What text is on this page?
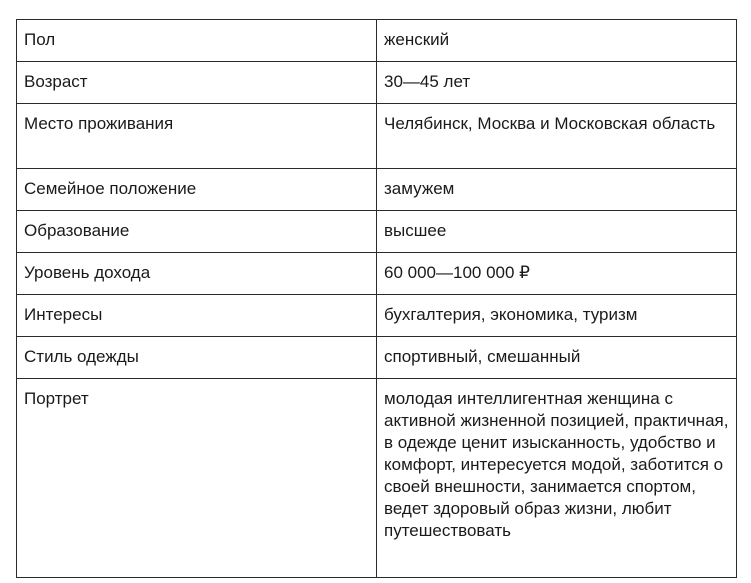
Пол	женский
Возраст	30—45 лет
Место проживания	Челябинск, Москва и Московская область
Семейное положение	замужем
Образование	высшее
Уровень дохода	60 000—100 000 ₽
Интересы	бухгалтерия, экономика, туризм
Стиль одежды	спортивный, смешанный
Портрет	молодая интеллигентная женщина с активной жизненной позицией, практичная, в одежде ценит изысканность, удобство и комфорт, интересуется модой, заботится о своей внешности, занимается спортом, ведет здоровый образ жизни, любит путешествовать
